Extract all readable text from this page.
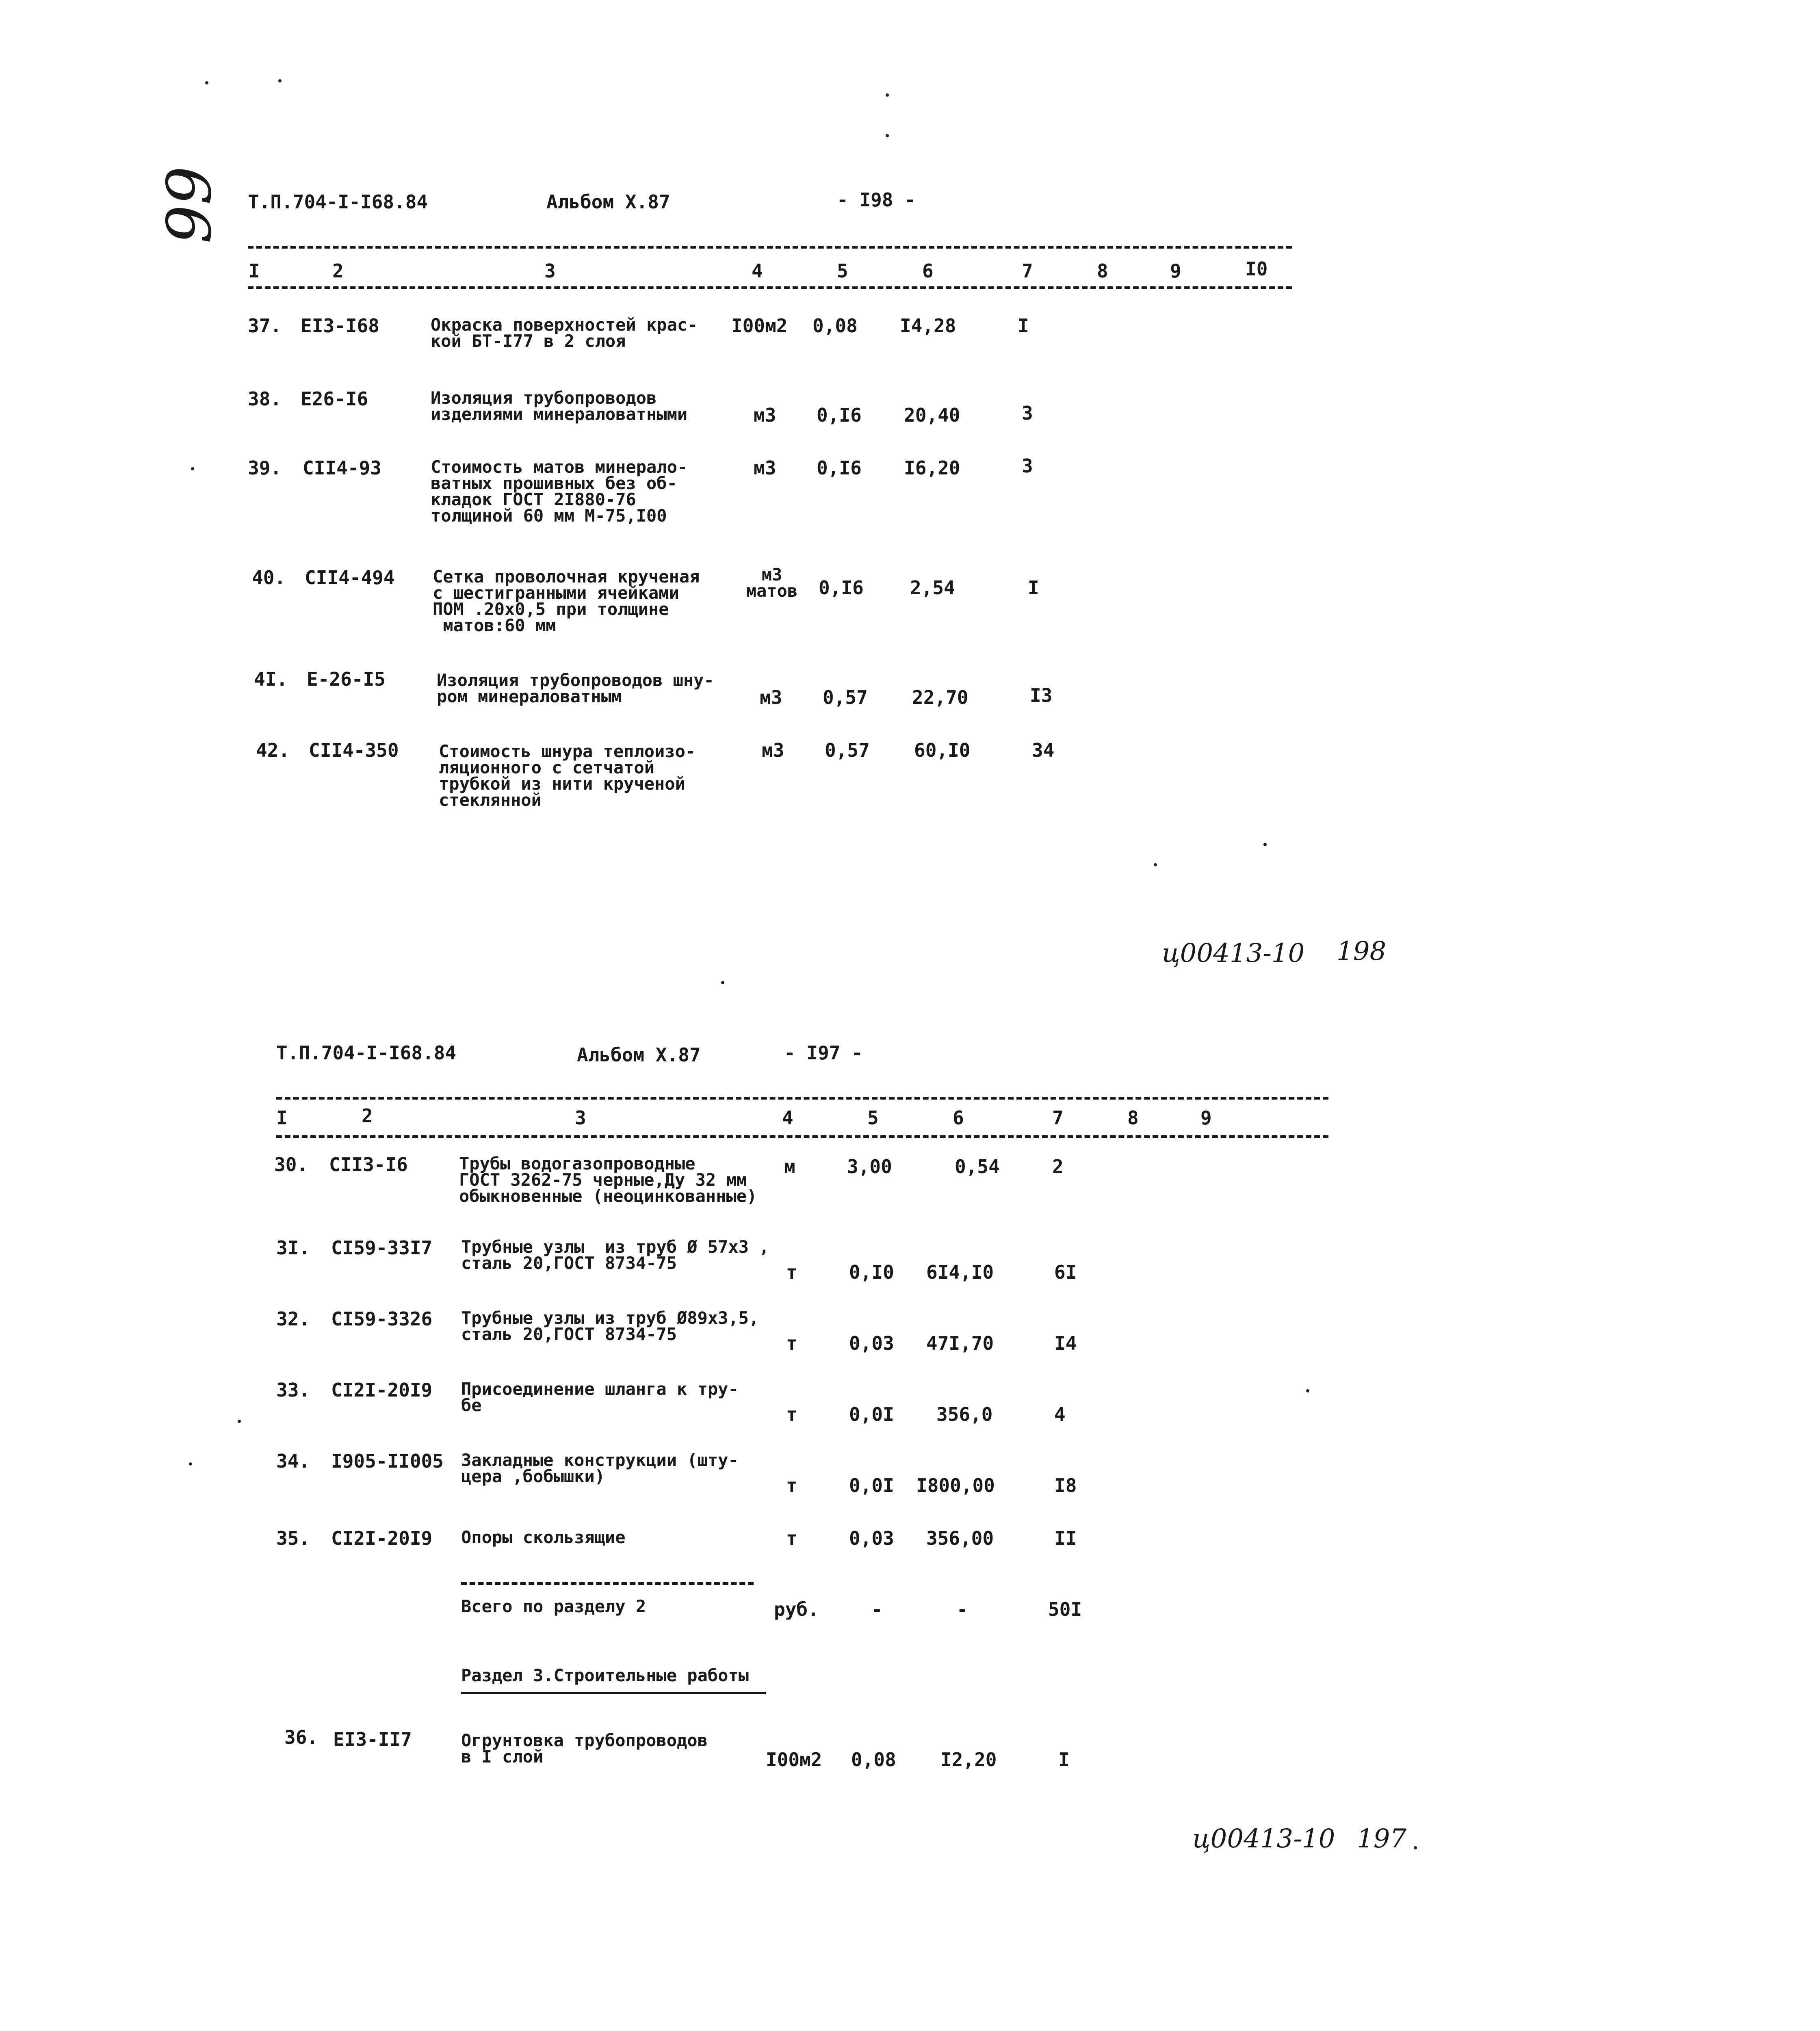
99 Т.П.704-I-I68.84	Альбом X.87	- I98 -
I	2	3	4	5	6	7	8	9	I0
37. ЕI3-I68	Окраска поверхностей крас-
кой БТ-I77 в 2 слоя
I00м2 0,08 I4,28	I
38. Е26-I6	Изоляция трубопроводов
изделиями минераловатными	м3 0,I6 20,40	3
39. СII4-93	Стоимость матов минерало-
ватных прошивных без об-
кладок ГОСТ 2I880-76
толщиной 60 мм М-75,I00
м3 0,I6 I6,20	3
40. СII4-494 Сетка проволочная крученая
с шестигранными ячейками
ПОМ .20х0,5 при толщине
матов:60 мм
м3
матов	0,I6 2,54	I
4I. Е-26-I5	Изоляция трубопроводов шну-
ром минераловатным	м3 0,57 22,70	I3
42. СII4-350 Стоимость шнура теплоизо-
ляционного с сетчатой
трубкой из нити крученой
стеклянной
м3 0,57 60,I0	34
ц00413-10 198
Т.П.704-I-I68.84	Альбом X.87	- I97 -
I	2	3	4	5	6	7	8	9
30. СII3-I6	Трубы водогазопроводные
ГОСТ 3262-75 черные,Ду 32 мм
обыкновенные (неоцинкованные)
м	3,00	0,54	2
3I. СI59-33I7 Трубные узлы  из труб Ø 57х3 ,
сталь 20,ГОСТ 8734-75	т	0,I0 6I4,I0	6I
32. СI59-3326 Трубные узлы из труб Ø89х3,5,
сталь 20,ГОСТ 8734-75	т	0,03 47I,70	I4
33. СI2I-20I9 Присоединение шланга к тру-
бе	т	0,0I 356,0	4
34. I905-II005 Закладные конструкции (шту-
цера ,бобышки)	т	0,0I I800,00	I8
35. СI2I-20I9 Опоры скользящие	т	0,03 356,00	II
Всего по разделу 2	руб.	-	-	50I
Раздел 3.Строительные работы
36. ЕI3-II7	Огрунтовка трубопроводов
в I слой	I00м2 0,08 I2,20	I
ц00413-10 197
